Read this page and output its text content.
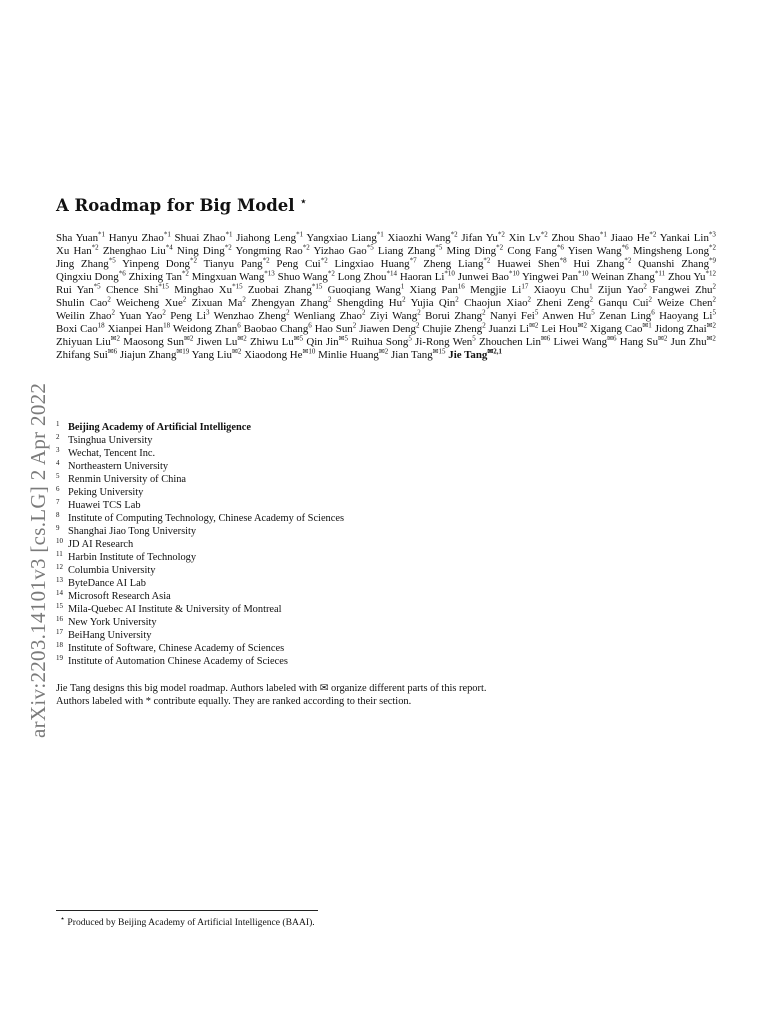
arXiv:2203.14101v3 [cs.LG] 2 Apr 2022
A Roadmap for Big Model ⋆
Sha Yuan$^{*1}$ Hanyu Zhao$^{*1}$ Shuai Zhao$^{*1}$ Jiahong Leng$^{*1}$ Yangxiao Liang$^{*1}$ Xiaozhi Wang$^{*2}$ Jifan Yu$^{*2}$ Xin Lv$^{*2}$ Zhou Shao$^{*1}$ Jiaao He$^{*2}$ Yankai Lin$^{*3}$ Xu Han$^{*2}$ Zhenghao Liu$^{*4}$ Ning Ding$^{*2}$ Yongming Rao$^{*2}$ Yizhao Gao$^{*5}$ Liang Zhang$^{*5}$ Ming Ding$^{*2}$ Cong Fang$^{*6}$ Yisen Wang$^{*6}$ Mingsheng Long$^{*2}$ Jing Zhang$^{*5}$ Yinpeng Dong$^{*2}$ Tianyu Pang$^{*2}$ Peng Cui$^{*2}$ Lingxiao Huang$^{*7}$ Zheng Liang$^{*2}$ Huawei Shen$^{*8}$ Hui Zhang$^{*2}$ Quanshi Zhang$^{*9}$ Qingxiu Dong$^{*6}$ Zhixing Tan$^{*2}$ Mingxuan Wang$^{*13}$ Shuo Wang$^{*2}$ Long Zhou$^{*14}$ Haoran Li$^{*10}$ Junwei Bao$^{*10}$ Yingwei Pan$^{*10}$ Weinan Zhang$^{*11}$ Zhou Yu$^{*12}$ Rui Yan$^{*5}$ Chence Shi$^{*15}$ Minghao Xu$^{*15}$ Zuobai Zhang$^{*15}$ Guoqiang Wang$^1$ Xiang Pan$^{16}$ Mengjie Li$^{17}$ Xiaoyu Chu$^1$ Zijun Yao$^2$ Fangwei Zhu$^2$ Shulin Cao$^2$ Weicheng Xue$^2$ Zixuan Ma$^2$ Zhengyan Zhang$^2$ Shengding Hu$^2$ Yujia Qin$^2$ Chaojun Xiao$^2$ Zheni Zeng$^2$ Ganqu Cui$^2$ Weize Chen$^2$ Weilin Zhao$^2$ Yuan Yao$^2$ Peng Li$^3$ Wenzhao Zheng$^2$ Wenliang Zhao$^2$ Ziyi Wang$^2$ Borui Zhang$^2$ Nanyi Fei$^5$ Anwen Hu$^5$ Zenan Ling$^6$ Haoyang Li$^5$ Boxi Cao$^{18}$ Xianpei Han$^{18}$ Weidong Zhan$^6$ Baobao Chang$^6$ Hao Sun$^2$ Jiawen Deng$^2$ Chujie Zheng$^2$ Juanzi $Li^{✉2}$ Lei Hou$^{✉2}$ Xigang Cao$^{✉1}$ Jidong Zhai$^{✉2}$ Zhiyuan Liu$^{✉2}$ Maosong Sun$^{✉2}$ Jiwen $Lu^{✉2}$ Zhiwu $Lu^{✉5}$ Qin Jin$^{✉5}$ Ruihua Song$^5$ Ji-Rong Wen$^5$ Zhouchen Lin$^{✉6}$ Liwei Wang$^{✉6}$ Hang $Su^{✉2}$ Jun Zhu$^{✉2}$ Zhifang Sui$^{✉6}$ Jiajun Zhang$^{✉19}$ Yang Liu$^{✉2}$ Xiaodong $He^{✉10}$ Minlie Huang$^{✉2}$ Jian Tang$^{✉15}$ Jie Tang$^{✉2,1}$
$^1$ Beijing Academy of Artificial Intelligence
$^2$ Tsinghua University
$^3$ Wechat, Tencent Inc.
$^4$ Northeastern University
$^5$ Renmin University of China
$^6$ Peking University
$^7$ Huawei TCS Lab
$^8$ Institute of Computing Technology, Chinese Academy of Sciences
$^9$ Shanghai Jiao Tong University
$^{10}$ JD AI Research
$^{11}$ Harbin Institute of Technology
$^{12}$ Columbia University
$^{13}$ ByteDance AI Lab
$^{14}$ Microsoft Research Asia
$^{15}$ Mila-Quebec AI Institute & University of Montreal
$^{16}$ New York University
$^{17}$ BeiHang University
$^{18}$ Institute of Software, Chinese Academy of Sciences
$^{19}$ Institute of Automation Chinese Academy of Scieces
Jie Tang designs this big model roadmap. Authors labeled with ✉ organize different parts of this report.
Authors labeled with * contribute equally. They are ranked according to their section.
⋆ Produced by Beijing Academy of Artificial Intelligence (BAAI).
